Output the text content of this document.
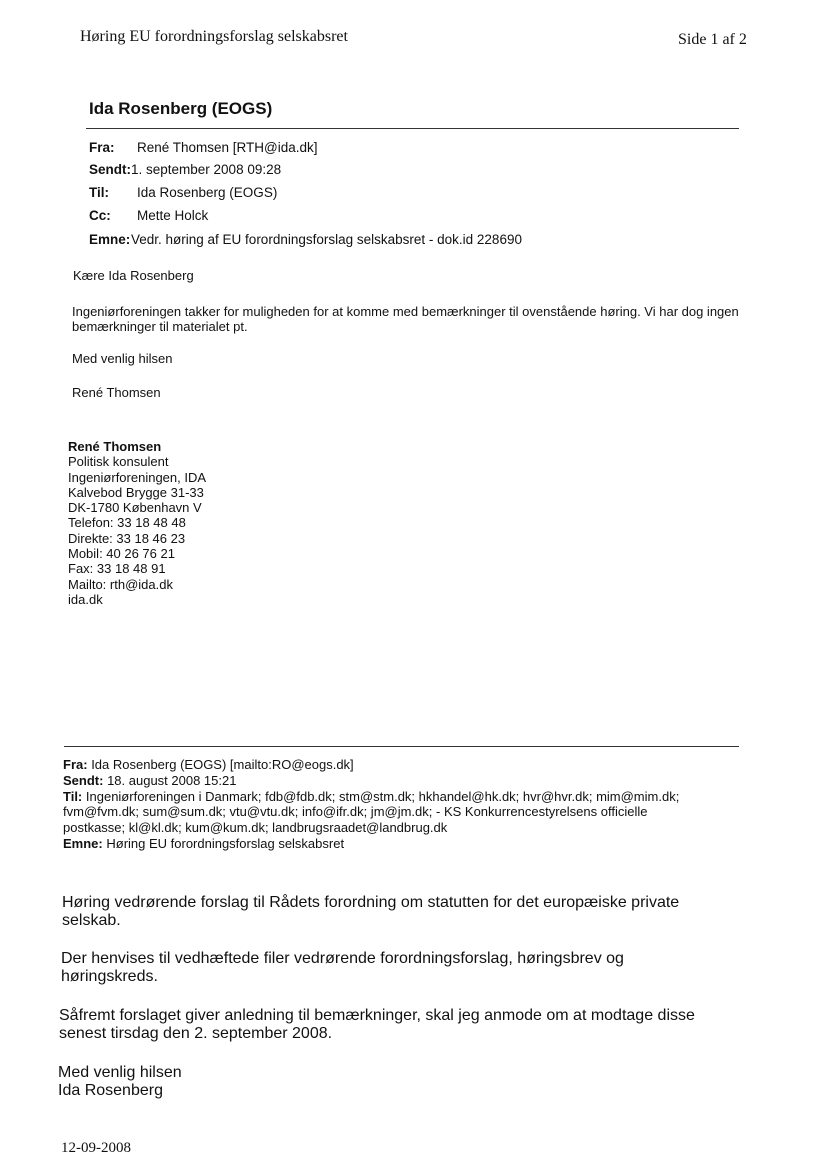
Høring EU forordningsforslag selskabsret	Side 1 af 2
Ida Rosenberg (EOGS)
Fra: René Thomsen [RTH@ida.dk]
Sendt:1. september 2008 09:28
Til: Ida Rosenberg (EOGS)
Cc: Mette Holck
Emne:Vedr. høring af EU forordningsforslag selskabsret - dok.id 228690
Kære Ida Rosenberg
Ingeniørforeningen takker for muligheden for at komme med bemærkninger til ovenstående høring. Vi har dog ingen bemærkninger til materialet pt.
Med venlig hilsen
René Thomsen
René Thomsen
Politisk konsulent
Ingeniørforeningen, IDA
Kalvebod Brygge 31-33
DK-1780 København V
Telefon: 33 18 48 48
Direkte: 33 18 46 23
Mobil: 40 26 76 21
Fax: 33 18 48 91
Mailto: rth@ida.dk
ida.dk
Fra: Ida Rosenberg (EOGS) [mailto:RO@eogs.dk]
Sendt: 18. august 2008 15:21
Til: Ingeniørforeningen i Danmark; fdb@fdb.dk; stm@stm.dk; hkhandel@hk.dk; hvr@hvr.dk; mim@mim.dk;
fvm@fvm.dk; sum@sum.dk; vtu@vtu.dk; info@ifr.dk; jm@jm.dk; - KS Konkurrencestyrelsens officielle
postkasse; kl@kl.dk; kum@kum.dk; landbrugsraadet@landbrug.dk
Emne: Høring EU forordningsforslag selskabsret
Høring vedrørende forslag til Rådets forordning om statutten for det europæiske private
selskab.
Der henvises til vedhæftede filer vedrørende forordningsforslag, høringsbrev og
høringskreds.
Såfremt forslaget giver anledning til bemærkninger, skal jeg anmode om at modtage disse
senest tirsdag den 2. september 2008.
Med venlig hilsen
Ida Rosenberg
12-09-2008
